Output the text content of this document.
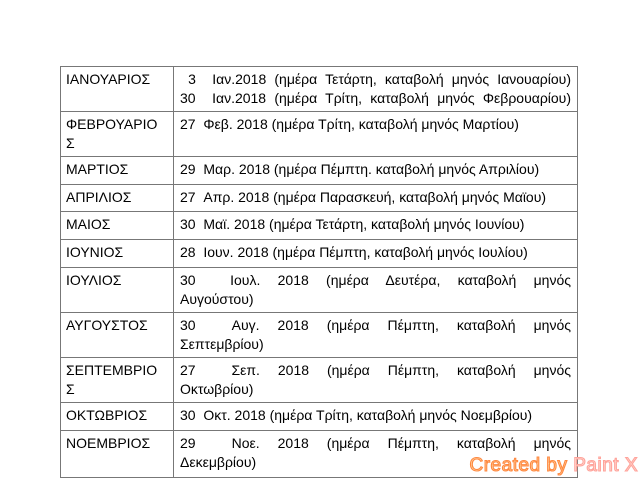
ΙΑΝΟΥΑΡΙΟΣ	3  Ιαν.2018 (ημέρα Τετάρτη, καταβολή μηνός Ιανουαρίου)
30  Ιαν.2018 (ημέρα Τρίτη, καταβολή μηνός Φεβρουαρίου)

ΦΕΒΡΟΥΑΡΙΟΣ	27  Φεβ. 2018 (ημέρα Τρίτη, καταβολή μηνός Μαρτίου)

ΜΑΡΤΙΟΣ	29  Μαρ. 2018 (ημέρα Πέμπτη. καταβολή μηνός Απριλίου)

ΑΠΡΙΛΙΟΣ	27  Απρ. 2018 (ημέρα Παρασκευή, καταβολή μηνός Μαϊου)

ΜΑΙΟΣ	30  Μαϊ. 2018 (ημέρα Τετάρτη, καταβολή μηνός Ιουνίου)

ΙΟΥΝΙΟΣ	28  Ιουν. 2018 (ημέρα Πέμπτη, καταβολή μηνός Ιουλίου)

ΙΟΥΛΙΟΣ	30  Ιουλ. 2018 (ημέρα Δευτέρα, καταβολή μηνός
Αυγούστου)

ΑΥΓΟΥΣΤΟΣ	30  Αυγ. 2018 (ημέρα Πέμπτη, καταβολή μηνός
Σεπτεμβρίου)

ΣΕΠΤΕΜΒΡΙΟΣ	27  Σεπ. 2018 (ημέρα Πέμπτη, καταβολή μηνός
Οκτωβρίου)

ΟΚΤΩΒΡΙΟΣ	30  Οκτ. 2018 (ημέρα Τρίτη, καταβολή μηνός Νοεμβρίου)

ΝΟΕΜΒΡΙΟΣ	29  Νοε. 2018 (ημέρα Πέμπτη, καταβολή μηνός
Δεκεμβρίου)	Created by Paint X
